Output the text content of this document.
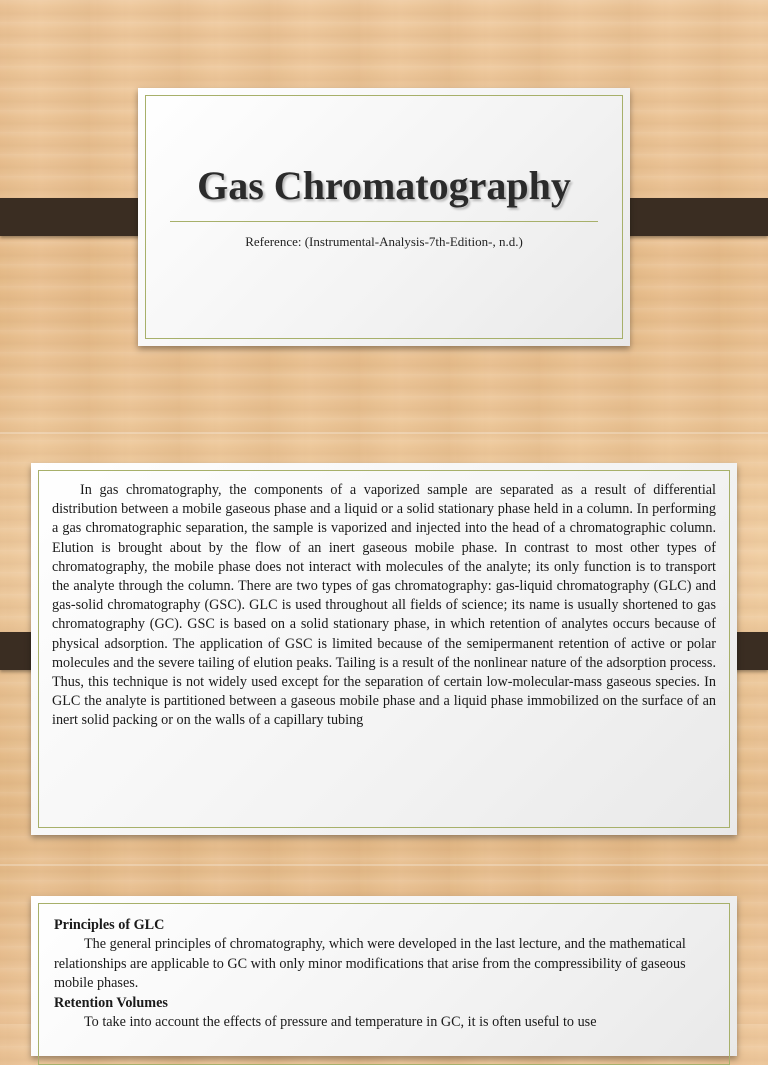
Gas Chromatography
Reference: (Instrumental-Analysis-7th-Edition-, n.d.)

In gas chromatography, the components of a vaporized sample are separated as a result of differential distribution between a mobile gaseous phase and a liquid or a solid stationary phase held in a column. In performing a gas chromatographic separation, the sample is vaporized and injected into the head of a chromatographic column. Elution is brought about by the flow of an inert gaseous mobile phase. In contrast to most other types of chromatography, the mobile phase does not interact with molecules of the analyte; its only function is to transport the analyte through the column. There are two types of gas chromatography: gas-liquid chromatography (GLC) and gas-solid chromatography (GSC). GLC is used throughout all fields of science; its name is usually shortened to gas chromatography (GC). GSC is based on a solid stationary phase, in which retention of analytes occurs because of physical adsorption. The application of GSC is limited because of the semipermanent retention of active or polar molecules and the severe tailing of elution peaks. Tailing is a result of the nonlinear nature of the adsorption process. Thus, this technique is not widely used except for the separation of certain low-molecular-mass gaseous species. In GLC the analyte is partitioned between a gaseous mobile phase and a liquid phase immobilized on the surface of an inert solid packing or on the walls of a capillary tubing

Principles of GLC
The general principles of chromatography, which were developed in the last lecture, and the mathematical relationships are applicable to GC with only minor modifications that arise from the compressibility of gaseous mobile phases.
Retention Volumes
To take into account the effects of pressure and temperature in GC, it is often useful to use
